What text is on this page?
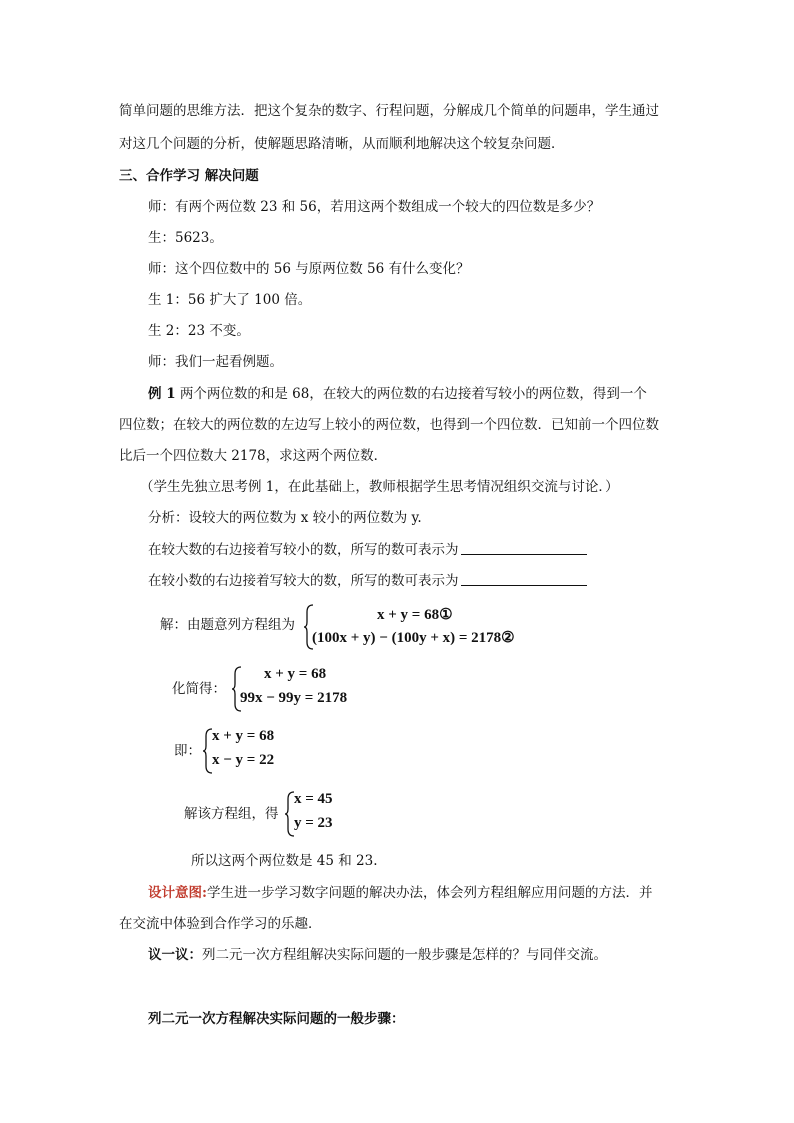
简单问题的思维方法．把这个复杂的数字、行程问题，分解成几个简单的问题串，学生通过
对这几个问题的分析，使解题思路清晰，从而顺利地解决这个较复杂问题．
三、合作学习 解决问题
师：有两个两位数 23 和 56，若用这两个数组成一个较大的四位数是多少？
生：5623。
师：这个四位数中的 56 与原两位数 56 有什么变化？
生 1：56 扩大了 100 倍。
生 2：23 不变。
师：我们一起看例题。
例 1 两个两位数的和是 68，在较大的两位数的右边接着写较小的两位数，得到一个
四位数；在较大的两位数的左边写上较小的两位数，也得到一个四位数．已知前一个四位数
比后一个四位数大 2178，求这两个两位数．
（学生先独立思考例 1，在此基础上，教师根据学生思考情况组织交流与讨论．）
分析：设较大的两位数为 x 较小的两位数为 y.
在较大数的右边接着写较小的数，所写的数可表示为
在较小数的右边接着写较大的数，所写的数可表示为
解：由题意列方程组为
x + y = 68①
(100x + y) − (100y + x) = 2178②
化简得：
x + y = 68
99x − 99y = 2178
即：
x + y = 68
x − y = 22
解该方程组，得
x = 45
y = 23
所以这两个两位数是 45 和 23.
设计意图:学生进一步学习数字问题的解决办法，体会列方程组解应用问题的方法．并
在交流中体验到合作学习的乐趣．
议一议：列二元一次方程组解决实际问题的一般步骤是怎样的？与同伴交流。
列二元一次方程解决实际问题的一般步骤：
